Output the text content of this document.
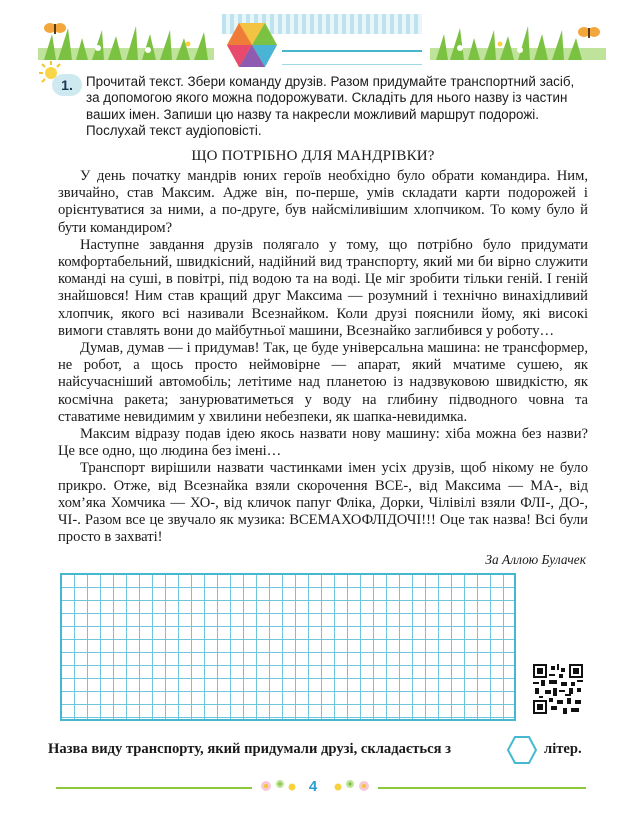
1. Прочитай текст. Збери команду друзів. Разом придумайте транспортний засіб, за допомогою якого можна подорожувати. Складіть для нього назву із частин ваших імен. Запиши цю назву та накресли можливий маршрут подорожі. Послухай текст аудіоповісті.
ЩО ПОТРІБНО ДЛЯ МАНДРІВКИ?

У день початку мандрів юних героїв необхідно було обрати командира. Ним, звичайно, став Максим. Адже він, по-перше, умів складати карти подорожей і орієнтуватися за ними, а по-друге, був найсміливішим хлопчиком. То кому було й бути командиром?

Наступне завдання друзів полягало у тому, що потрібно було придумати комфортабельний, швидкісний, надійний вид транспорту, який ми би вірно служити команді на суші, в повітрі, під водою та на воді. Це міг зробити тільки геній. І геній знайшовся! Ним став кращий друг Максима — розумний і технічно винахідливий хлопчик, якого всі називали Всезнайком. Коли друзі пояснили йому, які високі вимоги ставлять вони до майбутньої машини, Всезнайко заглибився у роботу…

Думав, думав — і придумав! Так, це буде універсальна машина: не трансформер, не робот, а щось просто неймовірне — апарат, який мчатиме сушею, як найсучасніший автомобіль; летітиме над планетою із надзвуковою швидкістю, як космічна ракета; занурюватиметься у воду на глибину підводного човна та ставатиме невидимим у хвилини небезпеки, як шапка-невидимка.

Максим відразу подав ідею якось назвати нову машину: хіба можна без назви? Це все одно, що людина без імені…

Транспорт вирішили назвати частинками імен усіх друзів, щоб нікому не було прикро. Отже, від Всезнайка взяли скорочення ВСЕ-, від Максима — МА-, від хом’яка Хомчика — ХО-, від кличок папуг Фліка, Дорки, Чілівілі взяли ФЛІ-, ДО-, ЧІ-. Разом все це звучало як музика: ВСЕМАХОФЛІДОЧІ!!! Оце так назва! Всі були просто в захваті!

За Аллою Булачек
Назва виду транспорту, який придумали друзі, складається з	літер.
4
